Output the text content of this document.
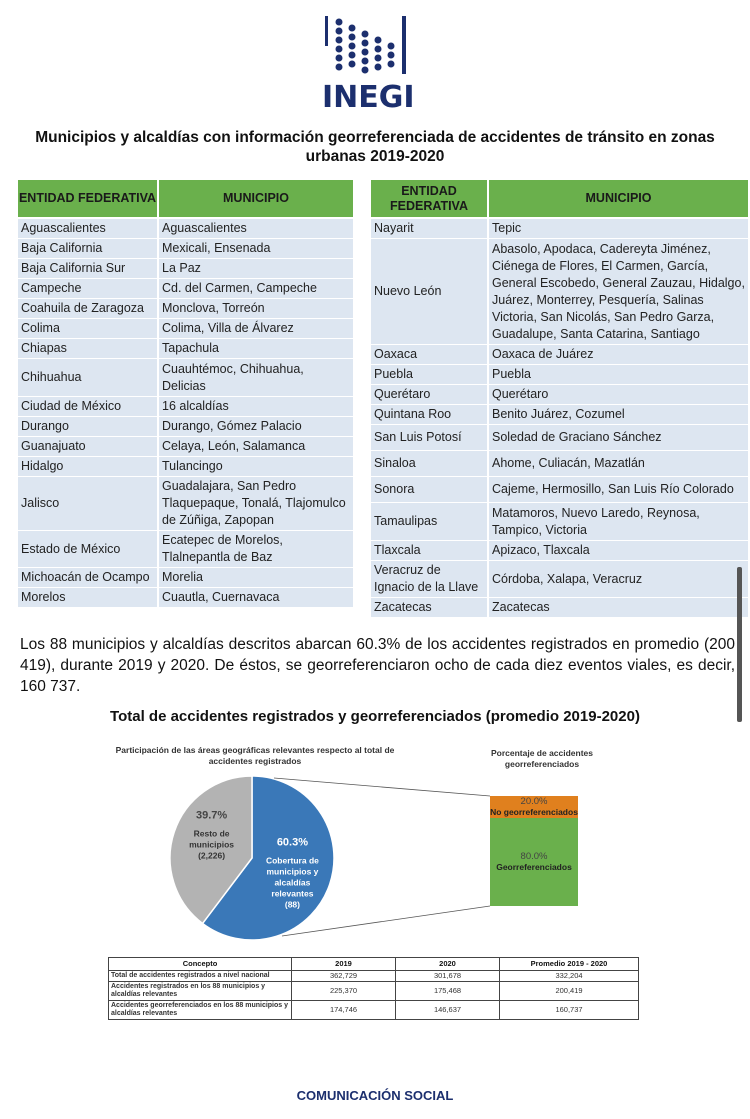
INEGI
Municipios y alcaldías con información georreferenciada de accidentes de tránsito en zonas urbanas 2019-2020
ENTIDAD FEDERATIVA	MUNICIPIO
Aguascalientes	Aguascalientes
Baja California	Mexicali, Ensenada
Baja California Sur	La Paz
Campeche	Cd. del Carmen, Campeche
Coahuila de Zaragoza	Monclova, Torreón
Colima	Colima, Villa de Álvarez
Chiapas	Tapachula
Chihuahua	Cuauhtémoc, Chihuahua, Delicias
Ciudad de México	16 alcaldías
Durango	Durango, Gómez Palacio
Guanajuato	Celaya, León, Salamanca
Hidalgo	Tulancingo
Jalisco	Guadalajara, San Pedro Tlaquepaque, Tonalá, Tlajomulco de Zúñiga, Zapopan
Estado de México	Ecatepec de Morelos, Tlalnepantla de Baz
Michoacán de Ocampo	Morelia
Morelos	Cuautla, Cuernavaca
ENTIDAD FEDERATIVA	MUNICIPIO
Nayarit	Tepic
Nuevo León	Abasolo, Apodaca, Cadereyta Jiménez, Ciénega de Flores, El Carmen, García, General Escobedo, General Zauzau, Hidalgo, Juárez, Monterrey, Pesquería, Salinas Victoria, San Nicolás, San Pedro Garza, Guadalupe, Santa Catarina, Santiago
Oaxaca	Oaxaca de Juárez
Puebla	Puebla
Querétaro	Querétaro
Quintana Roo	Benito Juárez, Cozumel
San Luis Potosí	Soledad de Graciano Sánchez
Sinaloa	Ahome, Culiacán, Mazatlán
Sonora	Cajeme, Hermosillo, San Luis Río Colorado
Tamaulipas	Matamoros, Nuevo Laredo, Reynosa, Tampico, Victoria
Tlaxcala	Apizaco, Tlaxcala
Veracruz de Ignacio de la Llave	Córdoba, Xalapa, Veracruz
Zacatecas	Zacatecas
Los 88 municipios y alcaldías descritos abarcan 60.3% de los accidentes registrados en promedio (200 419), durante 2019 y 2020. De éstos, se georreferenciaron ocho de cada diez eventos viales, es decir, 160 737.
Total de accidentes registrados y georreferenciados (promedio 2019-2020)
Participación de las áreas geográficas relevantes respecto al total de accidentes registrados
Porcentaje de accidentes georreferenciados
60.3%
Cobertura de
municipios y
alcaldías
relevantes
(88)
39.7%
Resto de
municipios
(2,226)
20.0%
No georreferenciados
80.0%
Georreferenciados
Concepto	2019	2020	Promedio 2019 - 2020
Total de accidentes registrados a nivel nacional	362,729	301,678	332,204
Accidentes registrados en los 88 municipios y alcaldías relevantes	225,370	175,468	200,419
Accidentes georreferenciados en los 88 municipios y alcaldías relevantes	174,746	146,637	160,737
COMUNICACIÓN SOCIAL
